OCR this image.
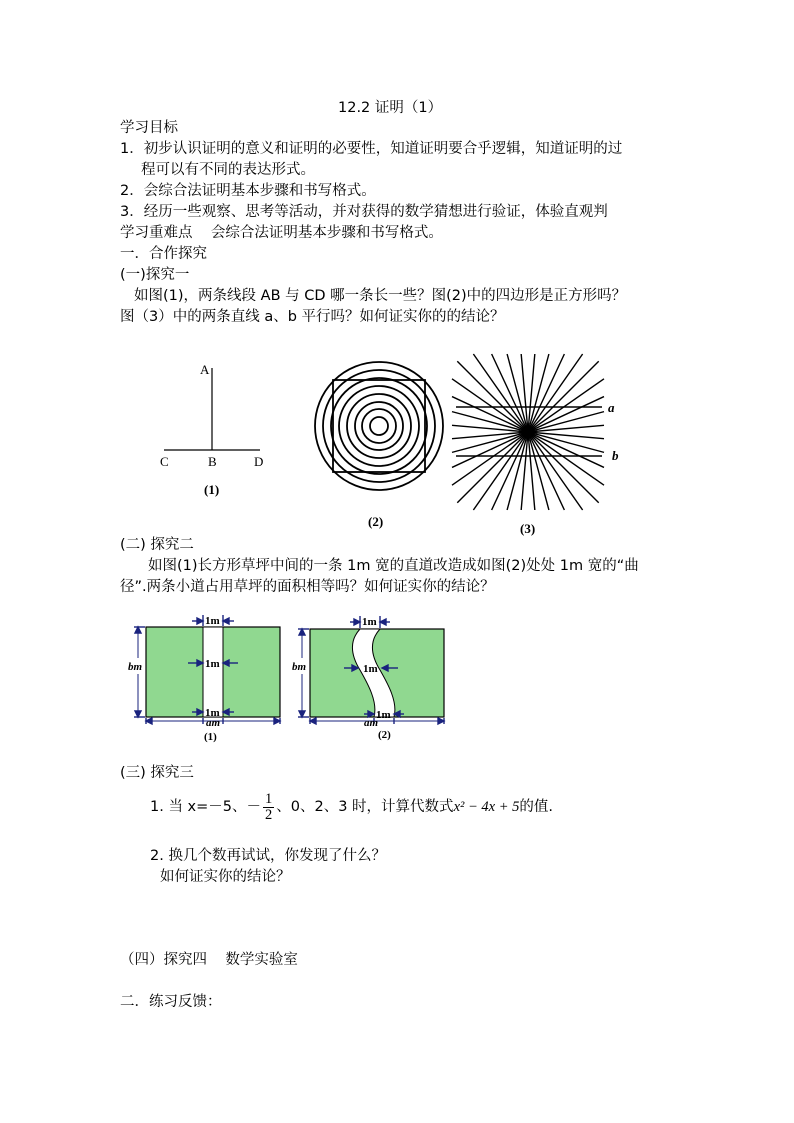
12.2 证明（1）
学习目标
1．初步认识证明的意义和证明的必要性，知道证明要合乎逻辑，知道证明的过
程可以有不同的表达形式。
2．会综合法证明基本步骤和书写格式。
3．经历一些观察、思考等活动，并对获得的数学猜想进行验证，体验直观判
学习重难点    会综合法证明基本步骤和书写格式。
一．合作探究
(一)探究一
如图(1)，两条线段 AB 与 CD 哪一条长一些？图(2)中的四边形是正方形吗？
图（3）中的两条直线 a、b 平行吗？如何证实你的的结论？
A
B
C	D
(1)
(2)
a
b
(3)
(二) 探究二
如图(1)长方形草坪中间的一条 1m 宽的直道改造成如图(2)处处 1m 宽的“曲
径”.两条小道占用草坪的面积相等吗？如何证实你的结论？
1m
1m
1m
bm
am
(1)
1m
1m
1m
bm
am
(2)
(三) 探究三
1. 当 x=－5、－ $\frac{1}{2}$ 、0、2、3 时，计算代数式x² − 4x + 5的值.
2. 换几个数再试试，你发现了什么？
如何证实你的结论？
（四）探究四    数学实验室
二．练习反馈：
